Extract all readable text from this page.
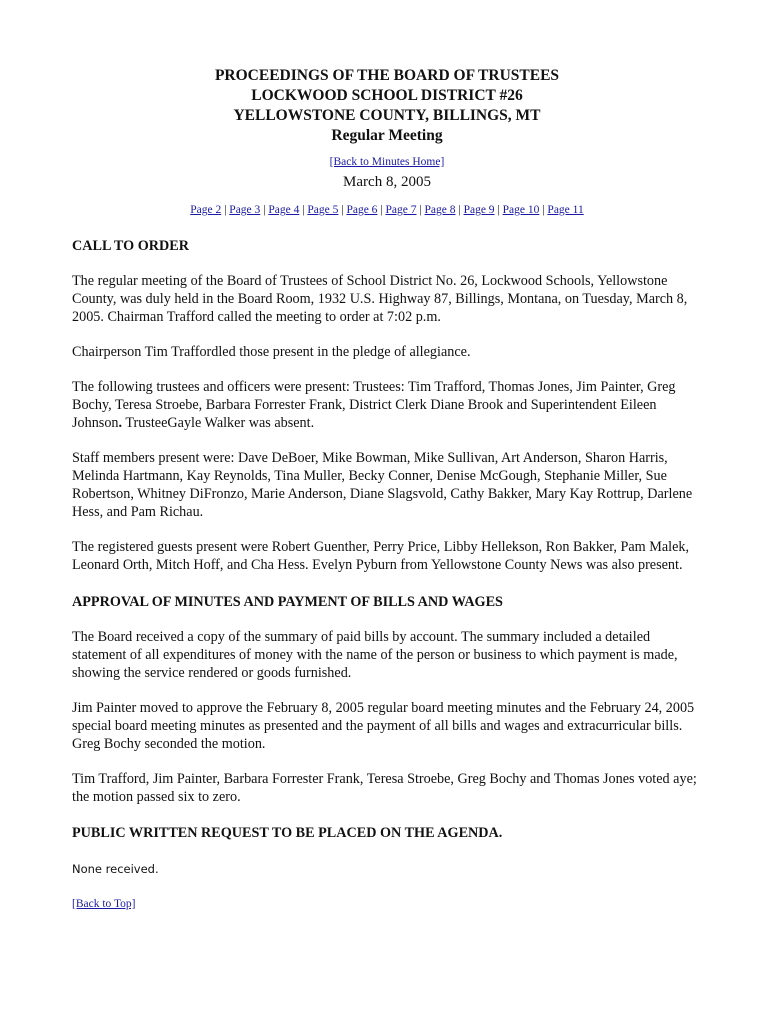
PROCEEDINGS OF THE BOARD OF TRUSTEES
LOCKWOOD SCHOOL DISTRICT #26
YELLOWSTONE COUNTY, BILLINGS, MT
Regular Meeting
[Back to Minutes Home]
March 8, 2005
Page 2 | Page 3 | Page 4 | Page 5 | Page 6 | Page 7 | Page 8 | Page 9 | Page 10 | Page 11
CALL TO ORDER

The regular meeting of the Board of Trustees of School District No. 26, Lockwood Schools, Yellowstone County, was duly held in the Board Room, 1932 U.S. Highway 87, Billings, Montana, on Tuesday, March 8, 2005. Chairman Trafford called the meeting to order at 7:02 p.m.

Chairperson Tim Traffordled those present in the pledge of allegiance.

The following trustees and officers were present: Trustees: Tim Trafford, Thomas Jones, Jim Painter, Greg Bochy, Teresa Stroebe, Barbara Forrester Frank, District Clerk Diane Brook and Superintendent Eileen Johnson. TrusteeGayle Walker was absent.

Staff members present were: Dave DeBoer, Mike Bowman, Mike Sullivan, Art Anderson, Sharon Harris, Melinda Hartmann, Kay Reynolds, Tina Muller, Becky Conner, Denise McGough, Stephanie Miller, Sue Robertson, Whitney DiFronzo, Marie Anderson, Diane Slagsvold, Cathy Bakker, Mary Kay Rottrup, Darlene Hess, and Pam Richau.

The registered guests present were Robert Guenther, Perry Price, Libby Hellekson, Ron Bakker, Pam Malek, Leonard Orth, Mitch Hoff, and Cha Hess. Evelyn Pyburn from Yellowstone County News was also present.

APPROVAL OF MINUTES AND PAYMENT OF BILLS AND WAGES

The Board received a copy of the summary of paid bills by account. The summary included a detailed statement of all expenditures of money with the name of the person or business to which payment is made, showing the service rendered or goods furnished.

Jim Painter moved to approve the February 8, 2005 regular board meeting minutes and the February 24, 2005 special board meeting minutes as presented and the payment of all bills and wages and extracurricular bills. Greg Bochy seconded the motion.

Tim Trafford, Jim Painter, Barbara Forrester Frank, Teresa Stroebe, Greg Bochy and Thomas Jones voted aye; the motion passed six to zero.

PUBLIC WRITTEN REQUEST TO BE PLACED ON THE AGENDA.

None received.

[Back to Top]
